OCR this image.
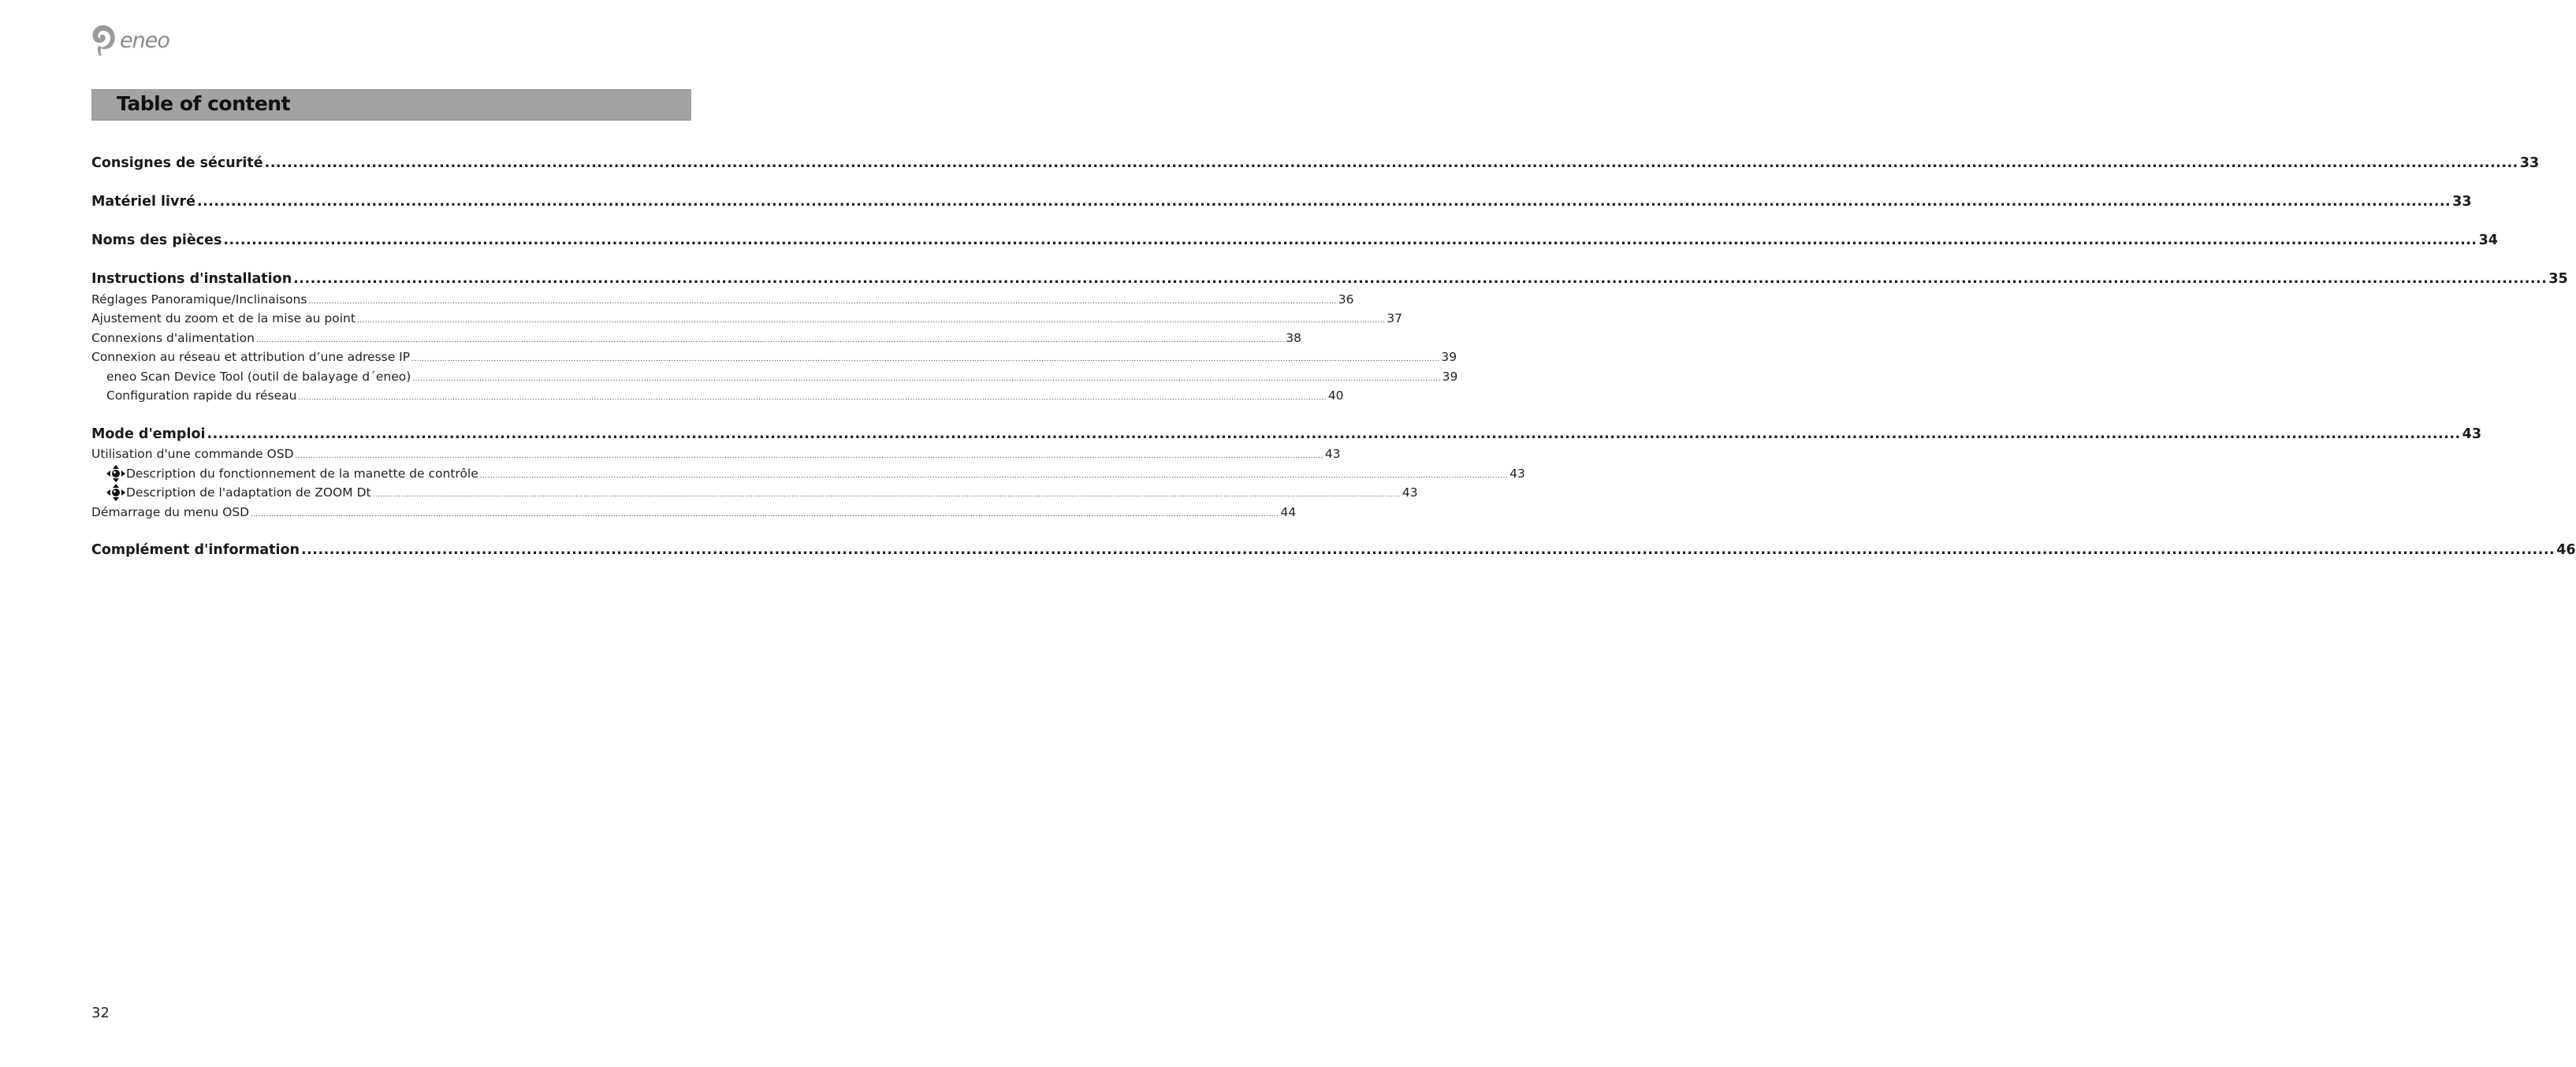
eneo
Table of content
Consignes de sécurité ................................................................................................................................................................................................................................................................................................................................................................................................................ 33
Matériel livré ................................................................................................................................................................................................................................................................................................................................................................................................................ 33
Noms des pièces ................................................................................................................................................................................................................................................................................................................................................................................................................ 34
Instructions d'installation ................................................................................................................................................................................................................................................................................................................................................................................................................ 35
Réglages Panoramique/Inclinaisons ................................................................................................................................................................................................................................................................................................................................................................................................................ 36
Ajustement du zoom et de la mise au point ................................................................................................................................................................................................................................................................................................................................................................................................................ 37
Connexions d'alimentation ................................................................................................................................................................................................................................................................................................................................................................................................................ 38
Connexion au réseau et attribution d’une adresse IP ................................................................................................................................................................................................................................................................................................................................................................................................................ 39
eneo Scan Device Tool (outil de balayage d´eneo) ................................................................................................................................................................................................................................................................................................................................................................................................................ 39
Configuration rapide du réseau ................................................................................................................................................................................................................................................................................................................................................................................................................ 40
Mode d'emploi ................................................................................................................................................................................................................................................................................................................................................................................................................ 43
Utilisation d'une commande OSD ................................................................................................................................................................................................................................................................................................................................................................................................................ 43
Description du fonctionnement de la manette de contrôle ................................................................................................................................................................................................................................................................................................................................................................................................................ 43
Description de l'adaptation de ZOOM Dt ................................................................................................................................................................................................................................................................................................................................................................................................................ 43
Démarrage du menu OSD ................................................................................................................................................................................................................................................................................................................................................................................................................ 44
Complément d'information ................................................................................................................................................................................................................................................................................................................................................................................................................ 46
32
